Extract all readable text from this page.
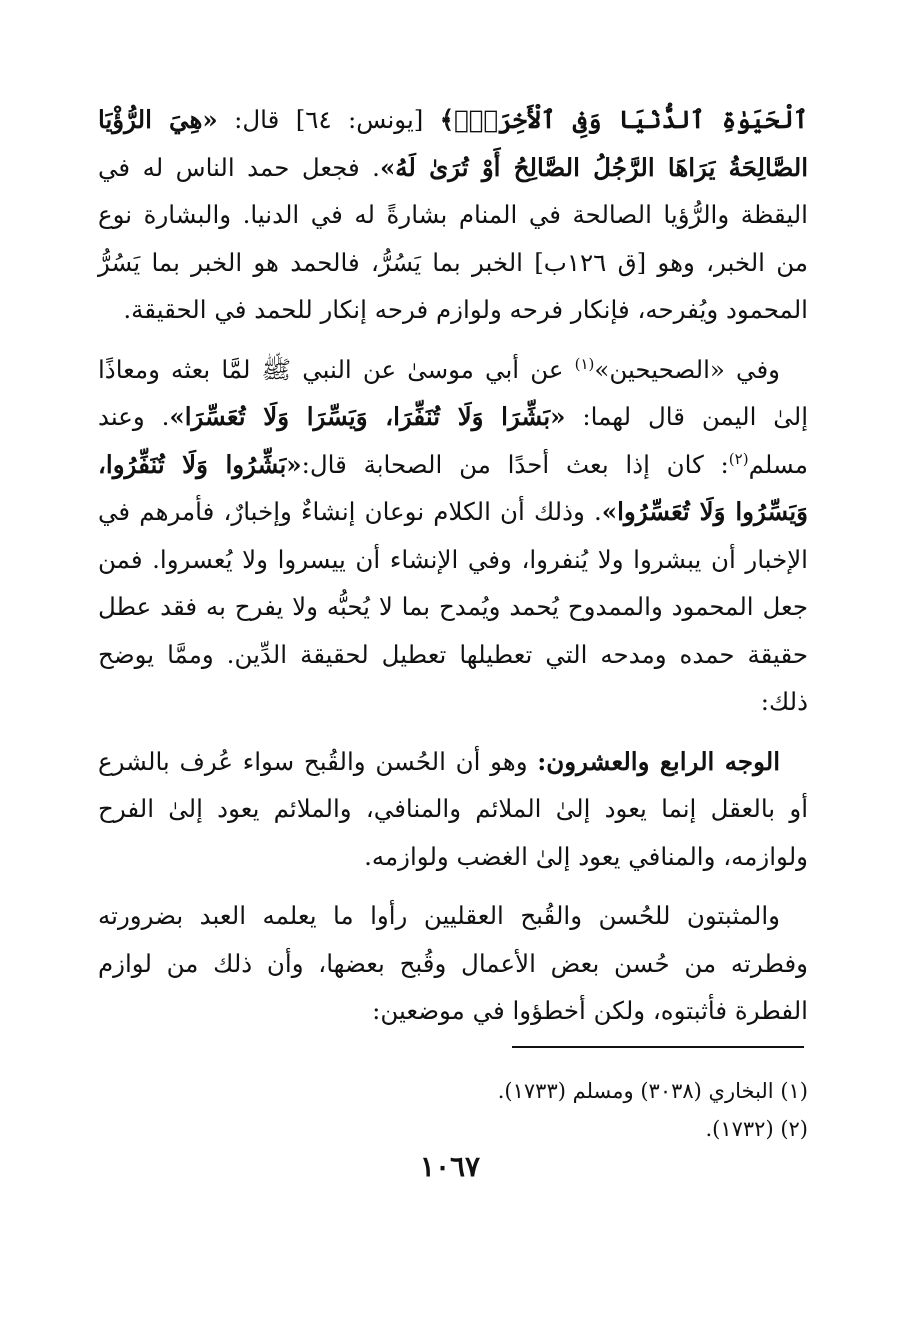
ٱلْحَيَوٰةِ ٱلدُّنْيَا وَفِى ٱلْأَخِرَةِۚ﴾ [يونس: ٦٤] قال: «هِيَ الرُّؤْيَا الصَّالِحَةُ يَرَاهَا الرَّجُلُ الصَّالِحُ أَوْ تُرَىٰ لَهُ». فجعل حمد الناس له في اليقظة والرُّؤيا الصالحة في المنام بشارةً له في الدنيا. والبشارة نوع من الخبر، وهو [ق ١٢٦ب] الخبر بما يَسُرُّ، فالحمد هو الخبر بما يَسُرُّ المحمود ويُفرحه، فإنكار فرحه ولوازم فرحه إنكار للحمد في الحقيقة.

وفي «الصحيحين»$^{(١)}$ عن أبي موسىٰ عن النبي ﷺ لمَّا بعثه ومعاذًا إلىٰ اليمن قال لهما: «بَشِّرَا وَلَا تُنَفِّرَا، وَيَسِّرَا وَلَا تُعَسِّرَا». وعند مسلم$^{(٢)}$: كان إذا بعث أحدًا من الصحابة قال:«بَشِّرُوا وَلَا تُنَفِّرُوا، وَيَسِّرُوا وَلَا تُعَسِّرُوا». وذلك أن الكلام نوعان إنشاءٌ وإخبارٌ، فأمرهم في الإخبار أن يبشروا ولا يُنفروا، وفي الإنشاء أن ييسروا ولا يُعسروا. فمن جعل المحمود والممدوح يُحمد ويُمدح بما لا يُحبُّه ولا يفرح به فقد عطل حقيقة حمده ومدحه التي تعطيلها تعطيل لحقيقة الدِّين. وممَّا يوضح ذلك:

الوجه الرابع والعشرون: وهو أن الحُسن والقُبح سواء عُرف بالشرع أو بالعقل إنما يعود إلىٰ الملائم والمنافي، والملائم يعود إلىٰ الفرح ولوازمه، والمنافي يعود إلىٰ الغضب ولوازمه.

والمثبتون للحُسن والقُبح العقليين رأوا ما يعلمه العبد بضرورته وفطرته من حُسن بعض الأعمال وقُبح بعضها، وأن ذلك من لوازم الفطرة فأثبتوه، ولكن أخطؤوا في موضعين:

(١) البخاري (٣٠٣٨) ومسلم (١٧٣٣).

(٢) (١٧٣٢).

١٠٦٧
